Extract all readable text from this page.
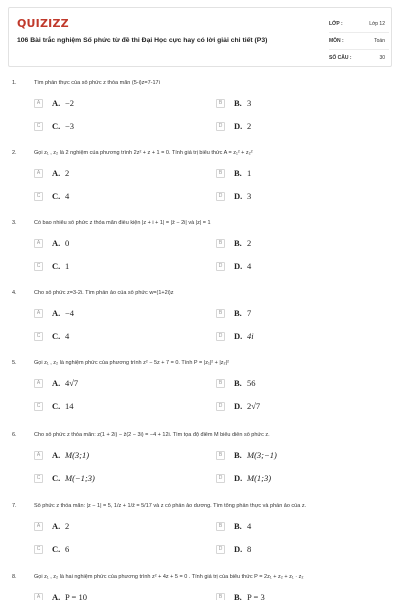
QUIZIZZ
106 Bài trắc nghiệm Số phức từ đề thi Đại Học cực hay có lời giải chi tiết (P3)
LỚP :	Lớp 12
MÔN :	Toán
SỐ CÂU :	30
1.	Tìm phần thực của số phức z thỏa mãn (5-i)z=7-17i
A	A. −2	B	B. 3
C	C. −3	D	D. 2
2.	Gọi z₁ , z₂ là 2 nghiệm của phương trình 2z² + z + 1 = 0. Tính giá trị biểu thức A = z₁² + z₂²
A	A. 2	B	B. 1
C	C. 4	D	D. 3
3.	Có bao nhiêu số phức z thỏa mãn điều kiện |z + i + 1| = |z̄ − 2i| và |z| = 1
A	A. 0	B	B. 2
C	C. 1	D	D. 4
4.	Cho số phức z=3-2i. Tìm phần ảo của số phức w=(1+2i)z
A	A. −4	B	B. 7
C	C. 4	D	D. 4i
5.	Gọi z₁ , z₂ là nghiệm phức của phương trình z² − 5z + 7 = 0. Tính P = |z₁|² + |z₂|²
A	A. 4√7	B	B. 56
C	C. 14	D	D. 2√7
6.	Cho số phức z thỏa mãn: z(1 + 2i) − z̄(2 − 3i) = −4 + 12i. Tìm tọa độ điểm M biểu diễn số phức z.
A	A. M(3;1)	B	B. M(3;−1)
C	C. M(−1;3)	D	D. M(1;3)
7.	Số phức z thỏa mãn: |z − 1| = 5, 1/z + 1/z̄ = 5/17 và z có phần ảo dương. Tìm tổng phần thực và phần ảo của z.
A	A. 2	B	B. 4
C	C. 6	D	D. 8
8.	Gọi z₁ , z₂ là hai nghiệm phức của phương trình z² + 4z + 5 = 0 . Tính giá trị của biểu thức P = 2z₁ + z₂ + z₁ · z₂
A	A. P = 10	B	B. P = 3
